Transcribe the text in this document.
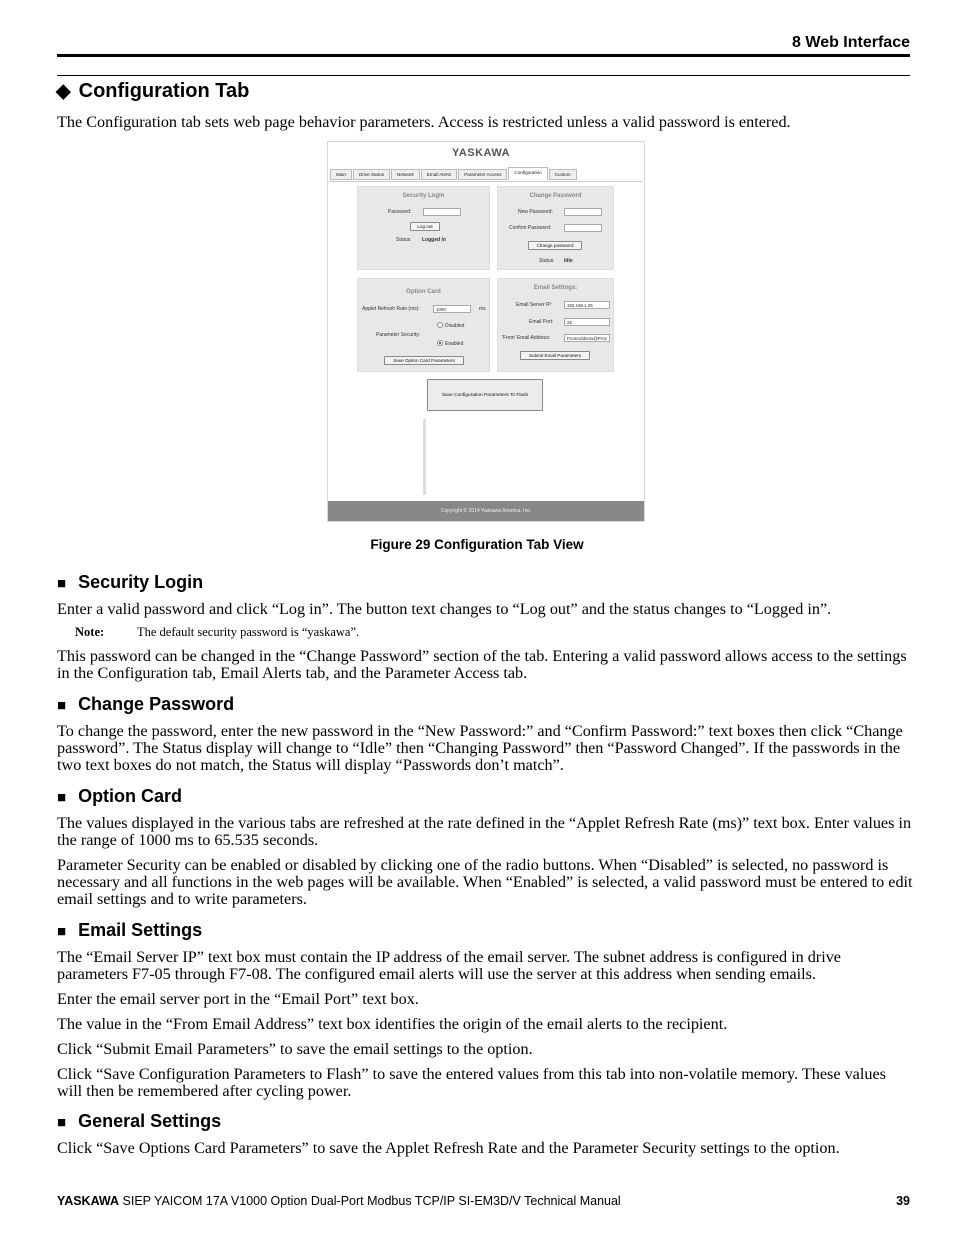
8 Web Interface
◆ Configuration Tab
The Configuration tab sets web page behavior parameters. Access is restricted unless a valid password is entered.
YASKAWA
Main	Drive Status	Network	Email Alerts	Parameter Access	Configuration	Custom
Security Login
Password:
Log out
Status: Logged in
Change Password
New Password:
Confirm Password:
Change password
Status: Idle
Option Card
Applet Refresh Rate (ms):	1000	ms
Disabled
Parameter Security:
Enabled
Save Option Card Parameters
Email Settings:
Email Server IP:	192.168.1.25
Email Port:	25
'From' Email Address:	FromAddress@Prov
Submit Email Parameters
Save Configuration Parameters To Flash
Copyright © 2014 Yaskawa America, Inc.
Figure 29 Configuration Tab View
■ Security Login
Enter a valid password and click “Log in”. The button text changes to “Log out” and the status changes to “Logged in”.
Note:	The default security password is “yaskawa”.
This password can be changed in the “Change Password” section of the tab. Entering a valid password allows access to the settings in the Configuration tab, Email Alerts tab, and the Parameter Access tab.
■ Change Password
To change the password, enter the new password in the “New Password:” and “Confirm Password:” text boxes then click “Change password”. The Status display will change to “Idle” then “Changing Password” then “Password Changed”. If the passwords in the two text boxes do not match, the Status will display “Passwords don’t match”.
■ Option Card
The values displayed in the various tabs are refreshed at the rate defined in the “Applet Refresh Rate (ms)” text box. Enter values in the range of 1000 ms to 65.535 seconds.
Parameter Security can be enabled or disabled by clicking one of the radio buttons. When “Disabled” is selected, no password is necessary and all functions in the web pages will be available. When “Enabled” is selected, a valid password must be entered to edit email settings and to write parameters.
■ Email Settings
The “Email Server IP” text box must contain the IP address of the email server. The subnet address is configured in drive parameters F7-05 through F7-08. The configured email alerts will use the server at this address when sending emails.
Enter the email server port in the “Email Port” text box.
The value in the “From Email Address” text box identifies the origin of the email alerts to the recipient.
Click “Submit Email Parameters” to save the email settings to the option.
Click “Save Configuration Parameters to Flash” to save the entered values from this tab into non-volatile memory. These values will then be remembered after cycling power.
■ General Settings
Click “Save Options Card Parameters” to save the Applet Refresh Rate and the Parameter Security settings to the option.
YASKAWA SIEP YAICOM 17A V1000 Option Dual-Port Modbus TCP/IP SI-EM3D/V Technical Manual	39
